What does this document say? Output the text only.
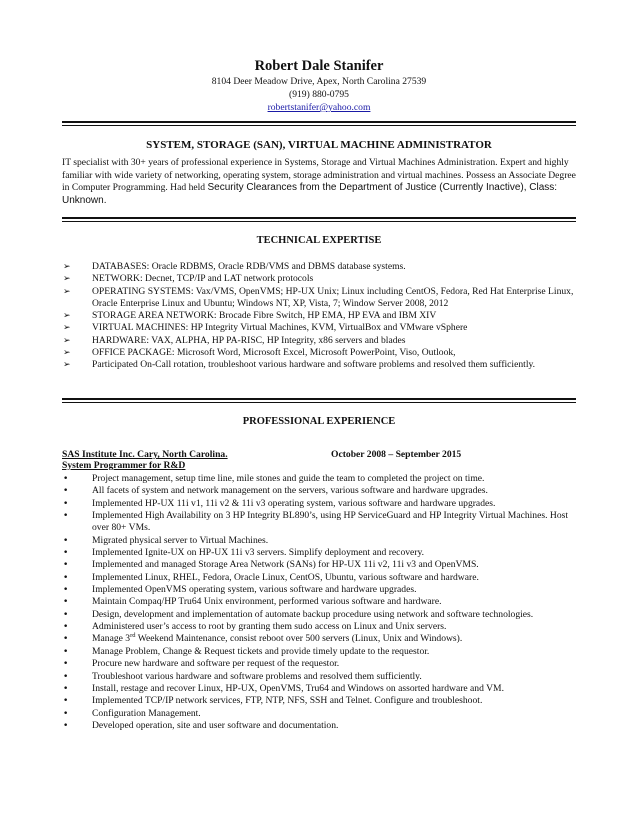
Robert Dale Stanifer
8104 Deer Meadow Drive, Apex, North Carolina 27539
(919) 880-0795
robertstanifer@yahoo.com
SYSTEM, STORAGE (SAN), VIRTUAL MACHINE ADMINISTRATOR
IT specialist with 30+ years of professional experience in Systems, Storage and Virtual Machines Administration. Expert and highly familiar with wide variety of networking, operating system, storage administration and virtual machines. Possess an Associate Degree in Computer Programming. Had held Security Clearances from the Department of Justice (Currently Inactive), Class: Unknown.
TECHNICAL EXPERTISE
➢ DATABASES: Oracle RDBMS, Oracle RDB/VMS and DBMS database systems.
➢ NETWORK: Decnet, TCP/IP and LAT network protocols
➢ OPERATING SYSTEMS: Vax/VMS, OpenVMS; HP-UX Unix; Linux including CentOS, Fedora, Red Hat Enterprise Linux, Oracle Enterprise Linux and Ubuntu; Windows NT, XP, Vista, 7; Window Server 2008, 2012
➢ STORAGE AREA NETWORK: Brocade Fibre Switch, HP EMA, HP EVA and IBM XIV
➢ VIRTUAL MACHINES: HP Integrity Virtual Machines, KVM, VirtualBox and VMware vSphere
➢ HARDWARE: VAX, ALPHA, HP PA-RISC, HP Integrity, x86 servers and blades
➢ OFFICE PACKAGE: Microsoft Word, Microsoft Excel, Microsoft PowerPoint, Viso, Outlook,
➢ Participated On-Call rotation, troubleshoot various hardware and software problems and resolved them sufficiently.
PROFESSIONAL EXPERIENCE
SAS Institute Inc. Cary, North Carolina.	October 2008 – September 2015
System Programmer for R&D
• Project management, setup time line, mile stones and guide the team to completed the project on time.
• All facets of system and network management on the servers, various software and hardware upgrades.
• Implemented HP-UX 11i v1, 11i v2 & 11i v3 operating system, various software and hardware upgrades.
• Implemented High Availability on 3 HP Integrity BL890’s, using HP ServiceGuard and HP Integrity Virtual Machines. Host over 80+ VMs.
• Migrated physical server to Virtual Machines.
• Implemented Ignite-UX on HP-UX 11i v3 servers. Simplify deployment and recovery.
• Implemented and managed Storage Area Network (SANs) for HP-UX 11i v2, 11i v3 and OpenVMS.
• Implemented Linux, RHEL, Fedora, Oracle Linux, CentOS, Ubuntu, various software and hardware.
• Implemented OpenVMS operating system, various software and hardware upgrades.
• Maintain Compaq/HP Tru64 Unix environment, performed various software and hardware.
• Design, development and implementation of automate backup procedure using network and software technologies.
• Administered user’s access to root by granting them sudo access on Linux and Unix servers.
• Manage 3rd Weekend Maintenance, consist reboot over 500 servers (Linux, Unix and Windows).
• Manage Problem, Change & Request tickets and provide timely update to the requestor.
• Procure new hardware and software per request of the requestor.
• Troubleshoot various hardware and software problems and resolved them sufficiently.
• Install, restage and recover Linux, HP-UX, OpenVMS, Tru64 and Windows on assorted hardware and VM.
• Implemented TCP/IP network services, FTP, NTP, NFS, SSH and Telnet. Configure and troubleshoot.
• Configuration Management.
• Developed operation, site and user software and documentation.
